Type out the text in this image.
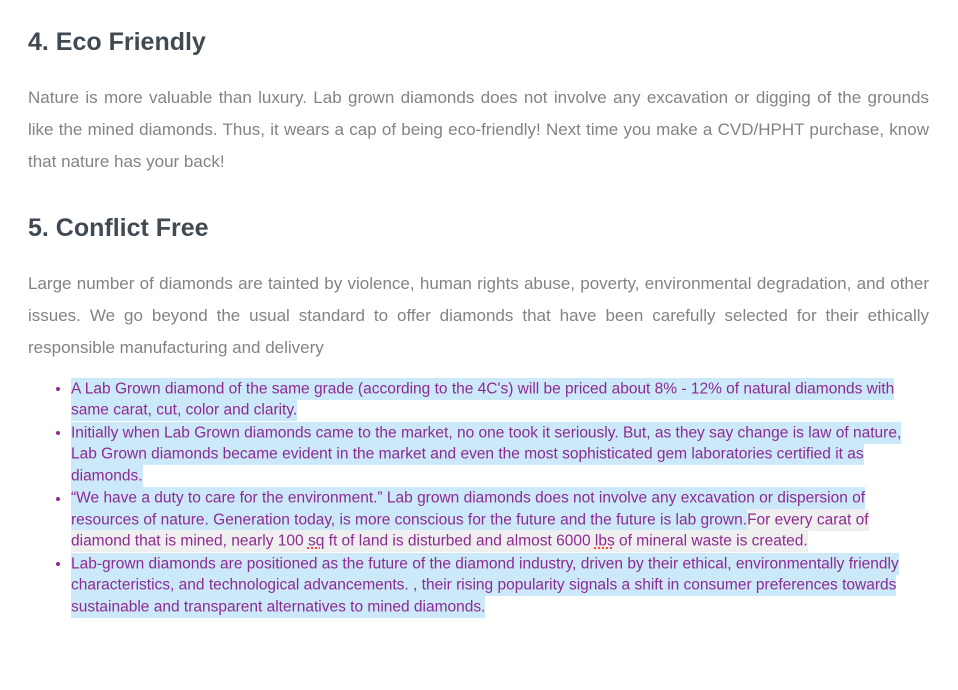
4. Eco Friendly

Nature is more valuable than luxury. Lab grown diamonds does not involve any excavation or digging of the grounds like the mined diamonds. Thus, it wears a cap of being eco-friendly! Next time you make a CVD/HPHT purchase, know that nature has your back!

5. Conflict Free

Large number of diamonds are tainted by violence, human rights abuse, poverty, environmental degradation, and other issues. We go beyond the usual standard to offer diamonds that have been carefully selected for their ethically responsible manufacturing and delivery

• A Lab Grown diamond of the same grade (according to the 4C's) will be priced about 8% - 12% of natural diamonds with same carat, cut, color and clarity.
• Initially when Lab Grown diamonds came to the market, no one took it seriously. But, as they say change is law of nature, Lab Grown diamonds became evident in the market and even the most sophisticated gem laboratories certified it as diamonds.
• “We have a duty to care for the environment.” Lab grown diamonds does not involve any excavation or dispersion of resources of nature. Generation today, is more conscious for the future and the future is lab grown.For every carat of diamond that is mined, nearly 100 sq ft of land is disturbed and almost 6000 lbs of mineral waste is created.
• Lab-grown diamonds are positioned as the future of the diamond industry, driven by their ethical, environmentally friendly characteristics, and technological advancements. , their rising popularity signals a shift in consumer preferences towards sustainable and transparent alternatives to mined diamonds.
